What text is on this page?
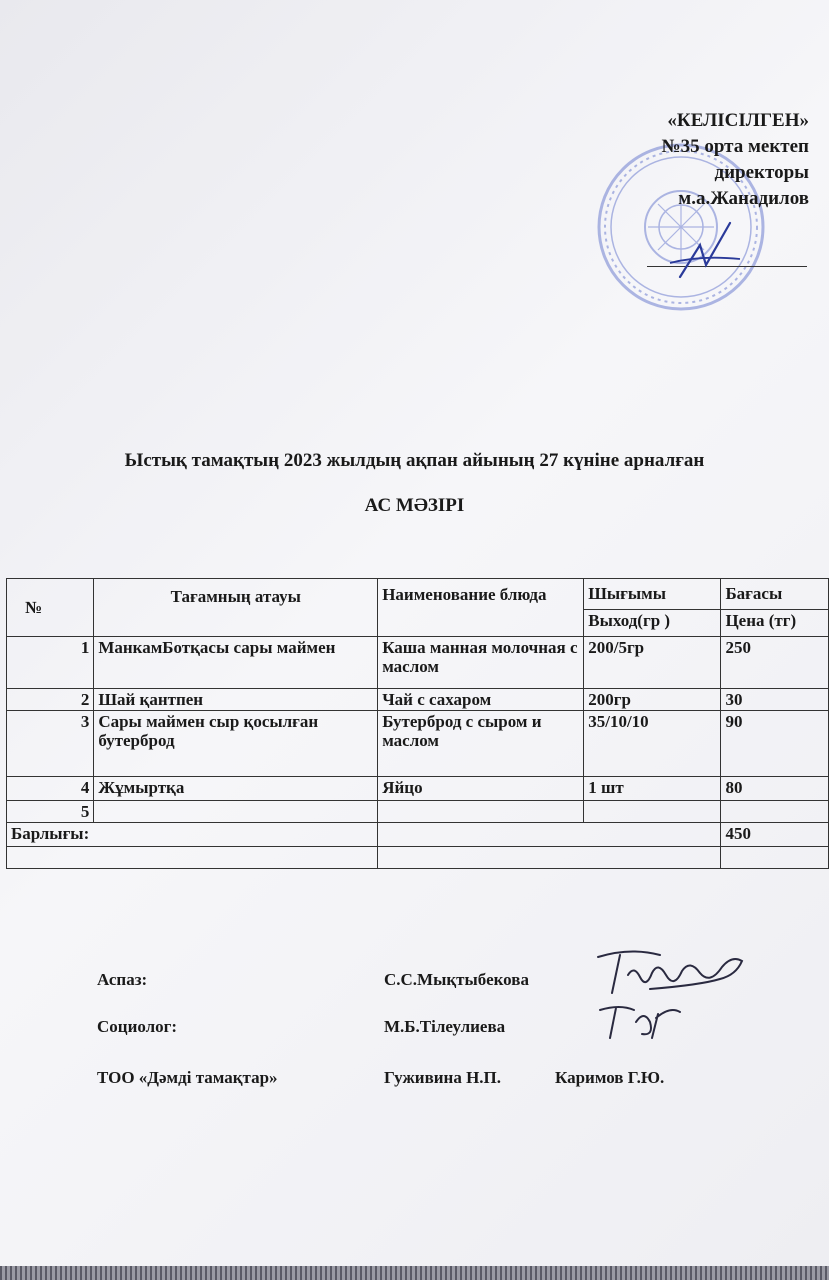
«КЕЛІСІЛГЕН»
№35 орта мектеп
директоры
м.а.Жанадилов
Ыстық тамақтың 2023 жылдың ақпан айының 27 күніне арналған
АС МӘЗІРІ
№	Тағамның атауы	Наименование блюда	Шығымы	Бағасы
			Выход(гр )	Цена (тг)
1	МанкамБотқасы сары маймен	Каша манная молочная с маслом	200/5гр	250
2	Шай қантпен	Чай с сахаром	200гр	30
3	Сары маймен сыр қосылған бутерброд	Бутерброд с сыром и маслом	35/10/10	90
4	Жұмыртқа	Яйцо	1 шт	80
5				
Барлығы:				450

Аспаз:	С.С.Мықтыбекова
Социолог:	М.Б.Тілеулиева
ТОО «Дәмді тамақтар»	Гуживина Н.П.	Каримов Г.Ю.
